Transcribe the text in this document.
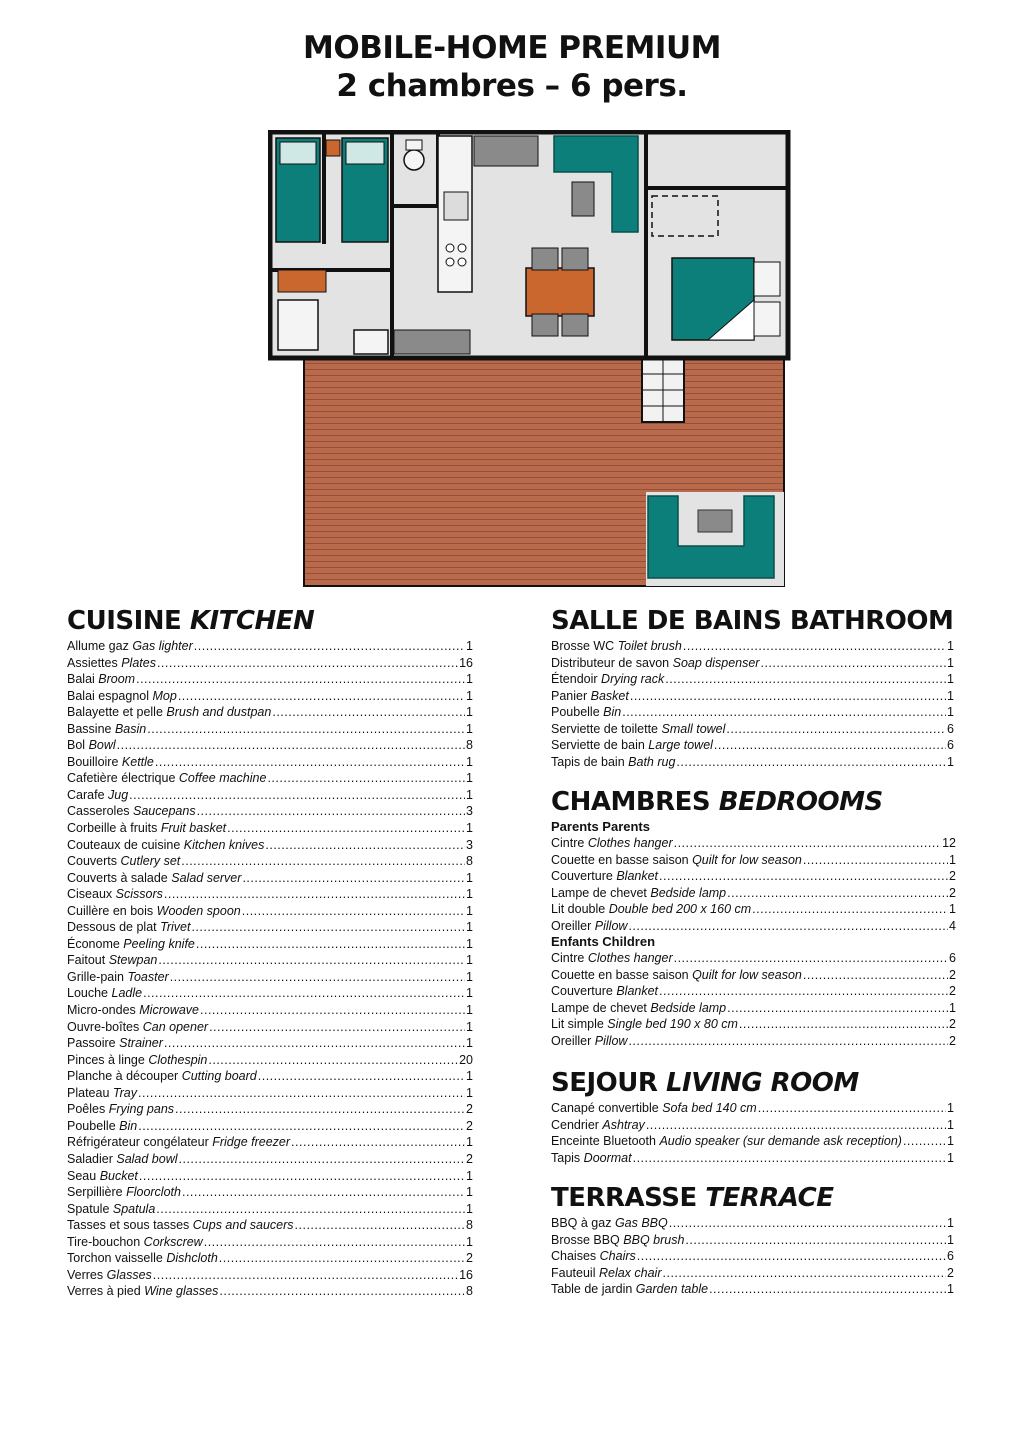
MOBILE-HOME PREMIUM
2 chambres – 6 pers.
CUISINE KITCHEN
Allume gaz Gas lighter .....	1
Assiettes Plates .....	16
Balai Broom .....	1
Balai espagnol Mop .....	1
Balayette et pelle Brush and dustpan .....	1
Bassine Basin .....	1
Bol Bowl .....	8
Bouilloire Kettle .....	1
Cafetière électrique Coffee machine .....	1
Carafe Jug .....	1
Casseroles Saucepans .....	3
Corbeille à fruits Fruit basket .....	1
Couteaux de cuisine Kitchen knives .....	3
Couverts Cutlery set .....	8
Couverts à salade Salad server .....	1
Ciseaux Scissors .....	1
Cuillère en bois Wooden spoon .....	1
Dessous de plat Trivet .....	1
Économe Peeling knife .....	1
Faitout Stewpan .....	1
Grille-pain Toaster .....	1
Louche Ladle .....	1
Micro-ondes Microwave .....	1
Ouvre-boîtes Can opener .....	1
Passoire Strainer .....	1
Pinces à linge Clothespin .....	20
Planche à découper Cutting board .....	1
Plateau Tray .....	1
Poêles Frying pans .....	2
Poubelle Bin .....	2
Réfrigérateur congélateur Fridge freezer .....	1
Saladier Salad bowl .....	2
Seau Bucket .....	1
Serpillière Floorcloth .....	1
Spatule Spatula .....	1
Tasses et sous tasses Cups and saucers .....	8
Tire-bouchon Corkscrew .....	1
Torchon vaisselle Dishcloth .....	2
Verres Glasses .....	16
Verres à pied Wine glasses .....	8
SALLE DE BAINS BATHROOM
Brosse WC Toilet brush .....	1
Distributeur de savon Soap dispenser .....	1
Étendoir Drying rack .....	1
Panier Basket .....	1
Poubelle Bin .....	1
Serviette de toilette Small towel .....	6
Serviette de bain Large towel .....	6
Tapis de bain Bath rug .....	1
CHAMBRES BEDROOMS
Parents Parents
Cintre Clothes hanger .....	12
Couette en basse saison Quilt for low season .....	1
Couverture Blanket .....	2
Lampe de chevet Bedside lamp .....	2
Lit double Double bed 200 x 160 cm .....	1
Oreiller Pillow .....	4
Enfants Children
Cintre Clothes hanger .....	6
Couette en basse saison Quilt for low season .....	2
Couverture Blanket .....	2
Lampe de chevet Bedside lamp .....	1
Lit simple Single bed 190 x 80 cm .....	2
Oreiller Pillow .....	2
SEJOUR LIVING ROOM
Canapé convertible Sofa bed 140 cm .....	1
Cendrier Ashtray .....	1
Enceinte Bluetooth Audio speaker (sur demande ask reception) .....	1
Tapis Doormat .....	1
TERRASSE TERRACE
BBQ à gaz Gas BBQ .....	1
Brosse BBQ BBQ brush .....	1
Chaises Chairs .....	6
Fauteuil Relax chair .....	2
Table de jardin Garden table .....	1
